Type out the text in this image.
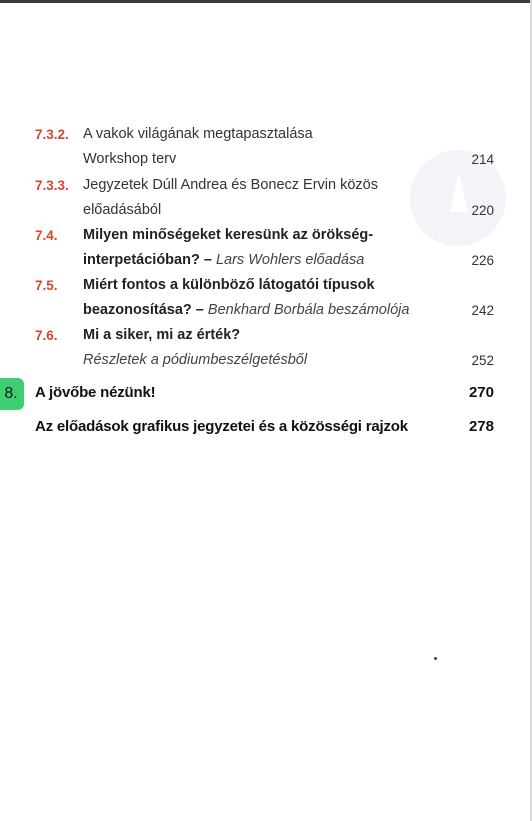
7.3.2. A vakok világának megtapasztalása
Workshop terv	214
7.3.3. Jegyzetek Dúll Andrea és Bonecz Ervin közös
előadásából	220
7.4. Milyen minőségeket keresünk az örökség-
interpetációban? – Lars Wohlers előadása	226
7.5. Miért fontos a különböző látogatói típusok
beazonosítása? – Benkhard Borbála beszámolója	242
7.6. Mi a siker, mi az érték?
Részletek a pódiumbeszélgetésből	252
8.	A jövőbe nézünk!	270
Az előadások grafikus jegyzetei és a közösségi rajzok	278
